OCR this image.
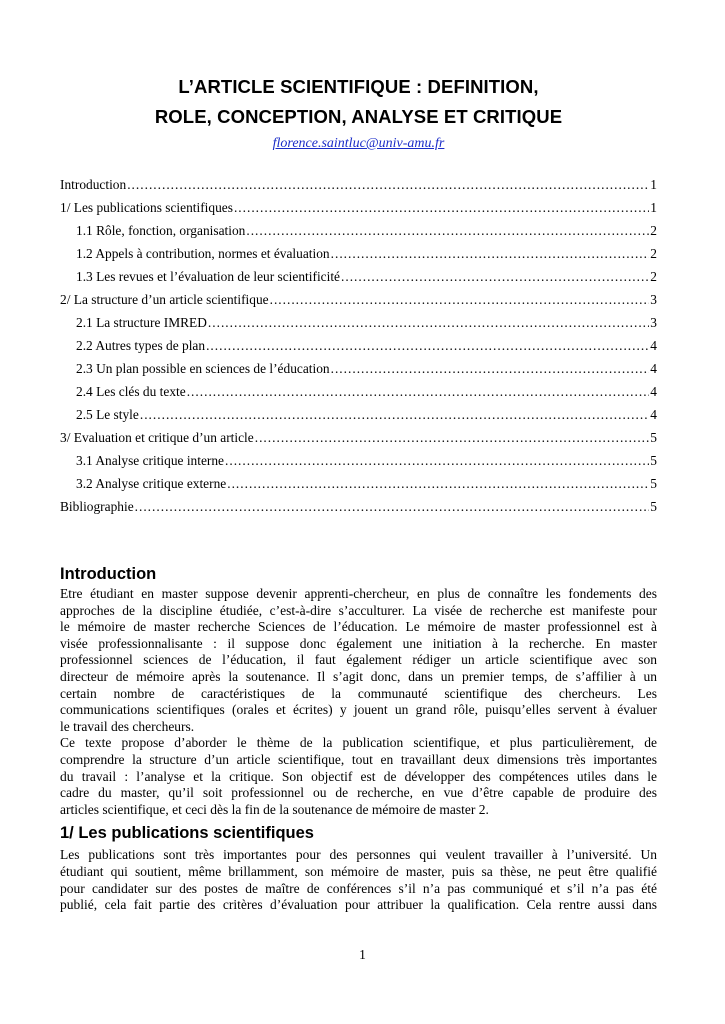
L’ARTICLE SCIENTIFIQUE : DEFINITION,
ROLE, CONCEPTION, ANALYSE ET CRITIQUE
florence.saintluc@univ-amu.fr
Introduction .....	1
1/ Les publications scientifiques .....	1
1.1 Rôle, fonction, organisation .....	2
1.2 Appels à contribution, normes et évaluation .....	2
1.3 Les revues et l’évaluation de leur scientificité .....	2
2/ La structure d’un article scientifique .....	3
2.1 La structure IMRED .....	3
2.2 Autres types de plan .....	4
2.3 Un plan possible en sciences de l’éducation .....	4
2.4 Les clés du texte .....	4
2.5 Le style .....	4
3/ Evaluation et critique d’un article .....	5
3.1 Analyse critique interne .....	5
3.2 Analyse critique externe .....	5
Bibliographie .....	5
Introduction
Etre étudiant en master suppose devenir apprenti-chercheur, en plus de connaître les fondements des
approches de la discipline étudiée, c’est-à-dire s’acculturer. La visée de recherche est manifeste pour
le mémoire de master recherche Sciences de l’éducation. Le mémoire de master professionnel est à
visée professionnalisante : il suppose donc également une initiation à la recherche. En master
professionnel sciences de l’éducation, il faut également rédiger un article scientifique avec son
directeur de mémoire après la soutenance. Il s’agit donc, dans un premier temps, de s’affilier à un
certain nombre de caractéristiques de la communauté scientifique des chercheurs. Les
communications scientifiques (orales et écrites) y jouent un grand rôle, puisqu’elles servent à évaluer
le travail des chercheurs.
Ce texte propose d’aborder le thème de la publication scientifique, et plus particulièrement, de
comprendre la structure d’un article scientifique, tout en travaillant deux dimensions très importantes
du travail : l’analyse et la critique. Son objectif est de développer des compétences utiles dans le
cadre du master, qu’il soit professionnel ou de recherche, en vue d’être capable de produire des
articles scientifique, et ceci dès la fin de la soutenance de mémoire de master 2.
1/ Les publications scientifiques
Les publications sont très importantes pour des personnes qui veulent travailler à l’université. Un
étudiant qui soutient, même brillamment, son mémoire de master, puis sa thèse, ne peut être qualifié
pour candidater sur des postes de maître de conférences s’il n’a pas communiqué et s’il n’a pas été
publié, cela fait partie des critères d’évaluation pour attribuer la qualification. Cela rentre aussi dans
1
